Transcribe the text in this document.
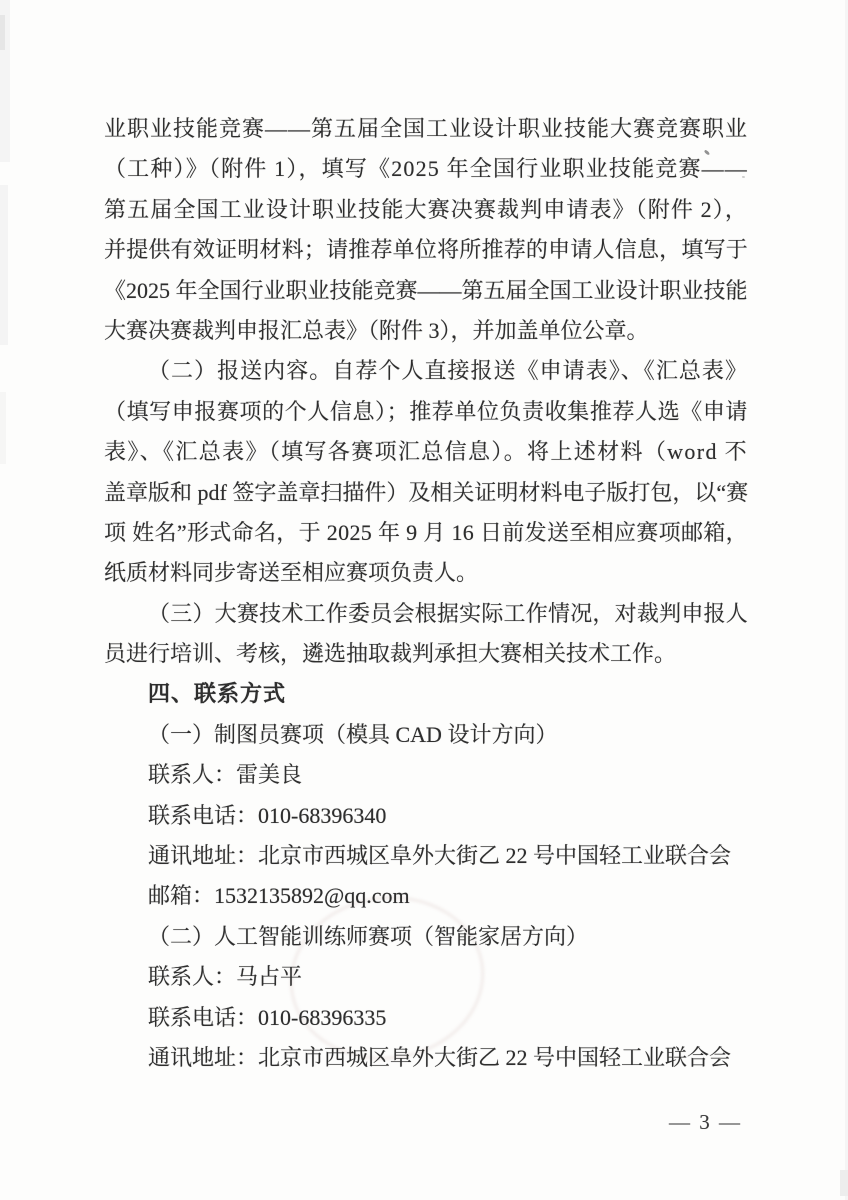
业职业技能竞赛——第五届全国工业设计职业技能大赛竞赛职业
（工种）》（附件 1），填写《2025 年全国行业职业技能竞赛——
第五届全国工业设计职业技能大赛决赛裁判申请表》（附件 2），
并提供有效证明材料；请推荐单位将所推荐的申请人信息，填写于
《2025 年全国行业职业技能竞赛——第五届全国工业设计职业技能
大赛决赛裁判申报汇总表》（附件 3），并加盖单位公章。
（二）报送内容。自荐个人直接报送《申请表》、《汇总表》
（填写申报赛项的个人信息）；推荐单位负责收集推荐人选《申请
表》、《汇总表》（填写各赛项汇总信息）。将上述材料（word 不
盖章版和 pdf 签字盖章扫描件）及相关证明材料电子版打包，以“赛
项 姓名”形式命名，于 2025 年 9 月 16 日前发送至相应赛项邮箱，
纸质材料同步寄送至相应赛项负责人。
（三）大赛技术工作委员会根据实际工作情况，对裁判申报人
员进行培训、考核，遴选抽取裁判承担大赛相关技术工作。
四、联系方式
（一）制图员赛项（模具 CAD 设计方向）
联系人：雷美良
联系电话：010-68396340
通讯地址：北京市西城区阜外大街乙 22 号中国轻工业联合会
邮箱：1532135892@qq.com
（二）人工智能训练师赛项（智能家居方向）
联系人：马占平
联系电话：010-68396335
通讯地址：北京市西城区阜外大街乙 22 号中国轻工业联合会
— 3 —
